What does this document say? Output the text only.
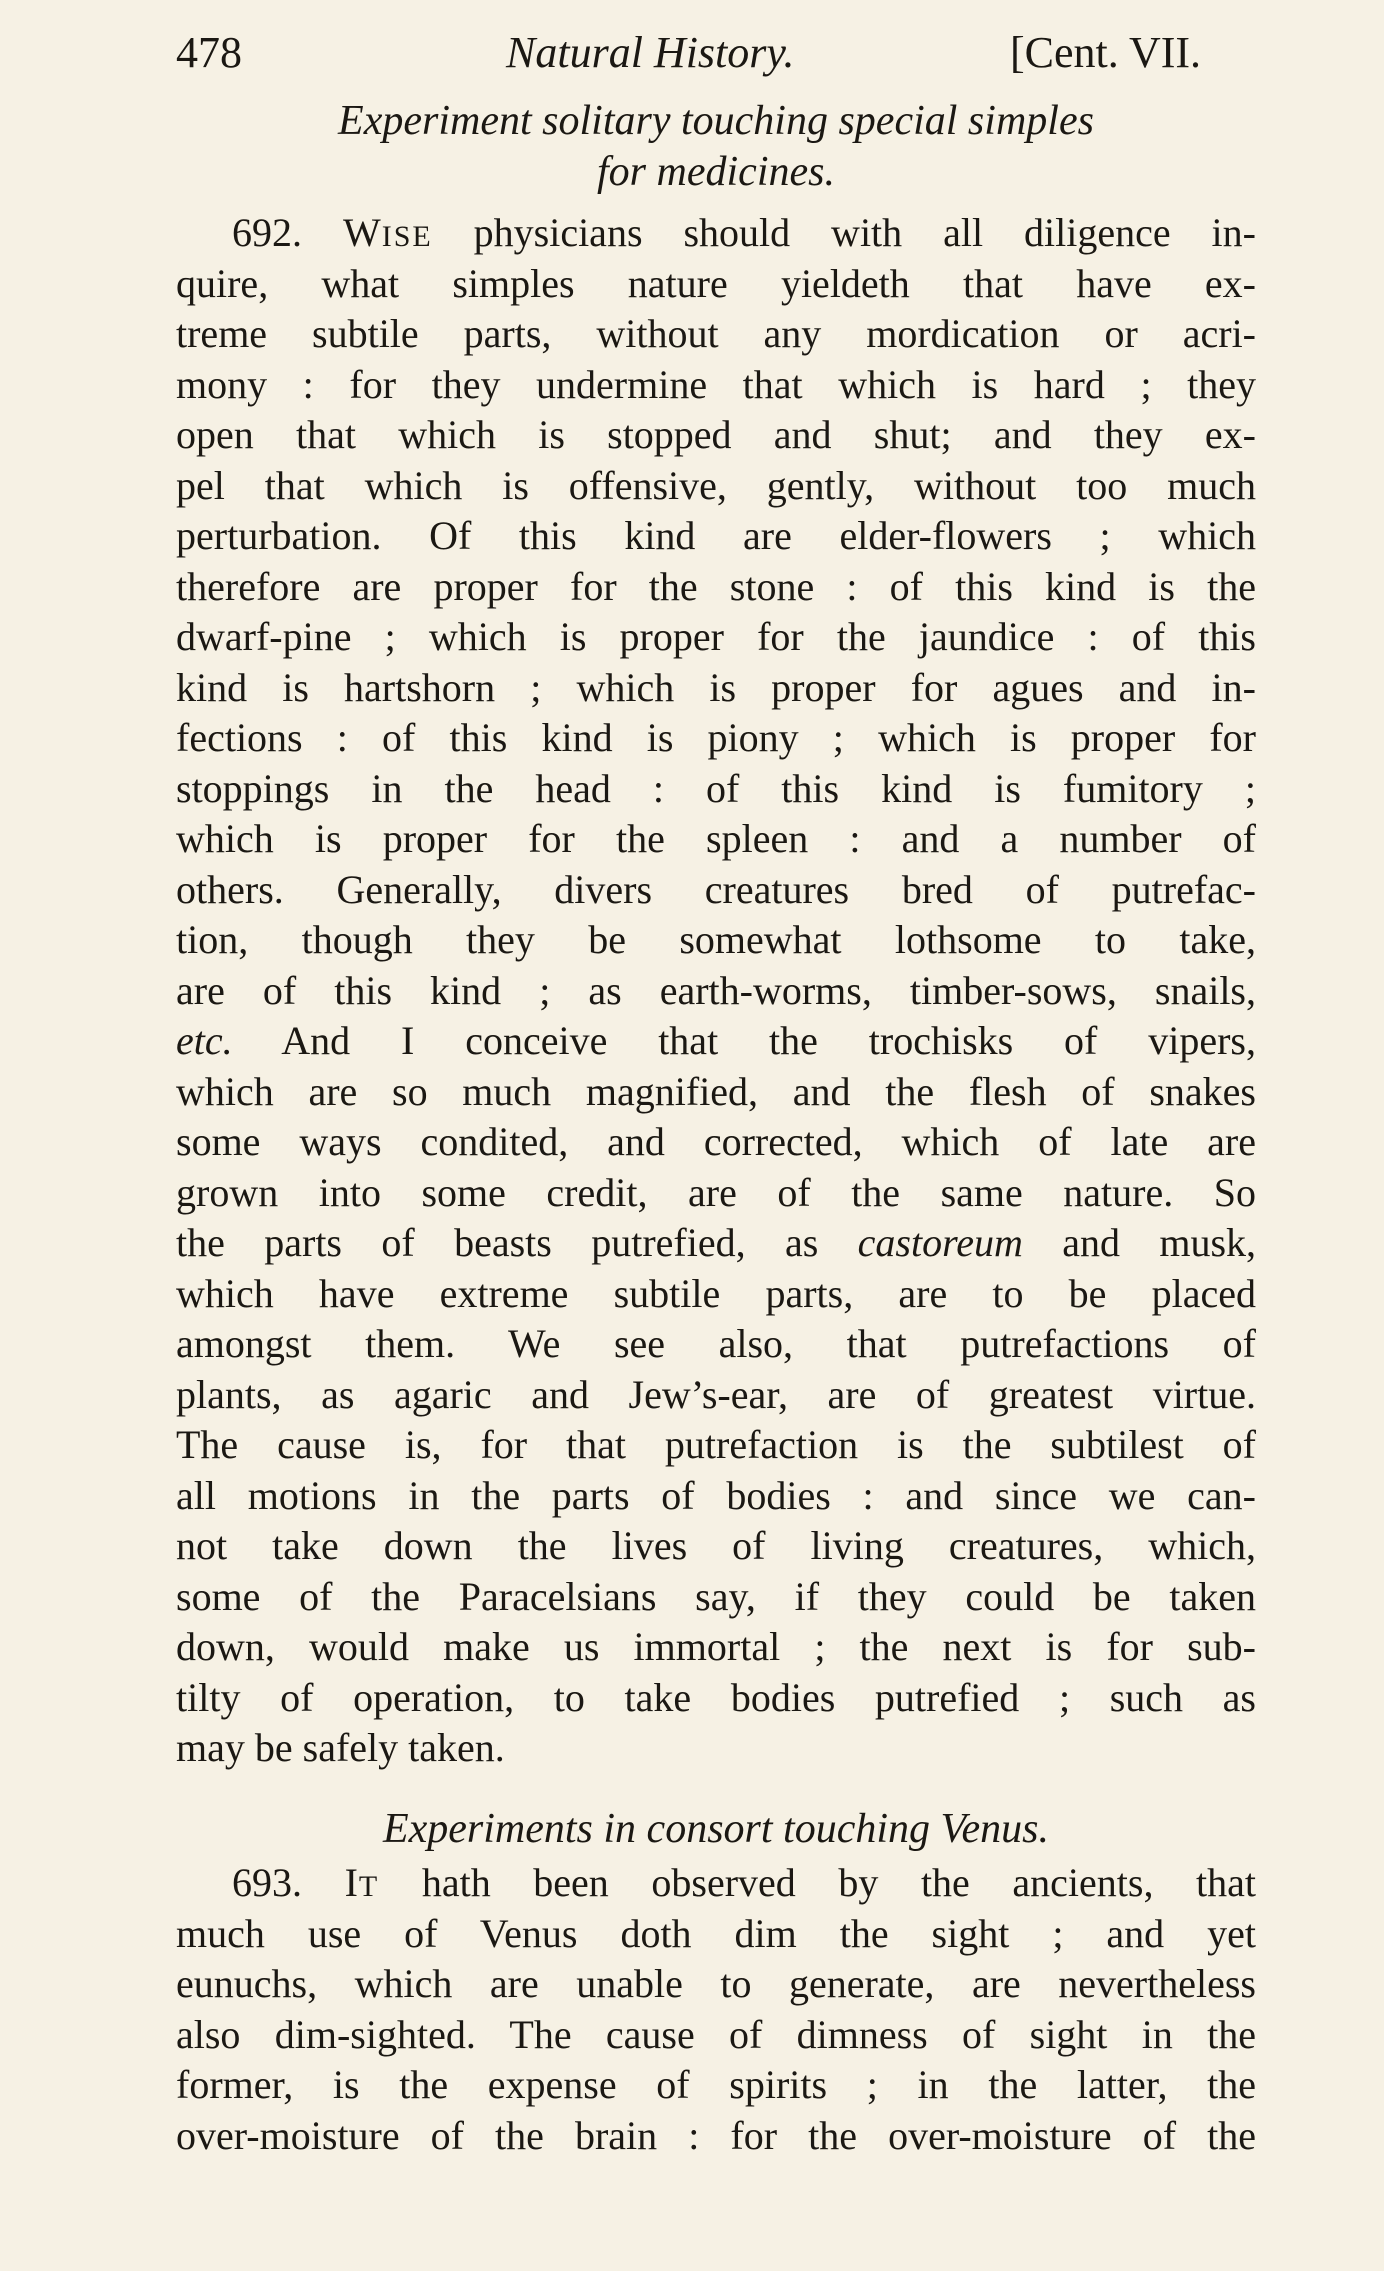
478	Natural History.	[Cent. VII.
Experiment solitary touching special simples
for medicines.
692. WISE physicians should with all diligence in-
quire, what simples nature yieldeth that have ex-
treme subtile parts, without any mordication or acri-
mony : for they undermine that which is hard ; they
open that which is stopped and shut; and they ex-
pel that which is offensive, gently, without too much
perturbation. Of this kind are elder-flowers ; which
therefore are proper for the stone : of this kind is the
dwarf-pine ; which is proper for the jaundice : of this
kind is hartshorn ; which is proper for agues and in-
fections : of this kind is piony ; which is proper for
stoppings in the head : of this kind is fumitory ;
which is proper for the spleen : and a number of
others. Generally, divers creatures bred of putrefac-
tion, though they be somewhat lothsome to take,
are of this kind ; as earth-worms, timber-sows, snails,
etc. And I conceive that the trochisks of vipers,
which are so much magnified, and the flesh of snakes
some ways condited, and corrected, which of late are
grown into some credit, are of the same nature. So
the parts of beasts putrefied, as castoreum and musk,
which have extreme subtile parts, are to be placed
amongst them. We see also, that putrefactions of
plants, as agaric and Jew’s-ear, are of greatest virtue.
The cause is, for that putrefaction is the subtilest of
all motions in the parts of bodies : and since we can-
not take down the lives of living creatures, which,
some of the Paracelsians say, if they could be taken
down, would make us immortal ; the next is for sub-
tilty of operation, to take bodies putrefied ; such as
may be safely taken.
Experiments in consort touching Venus.
693. IT hath been observed by the ancients, that
much use of Venus doth dim the sight ; and yet
eunuchs, which are unable to generate, are nevertheless
also dim-sighted. The cause of dimness of sight in the
former, is the expense of spirits ; in the latter, the
over-moisture of the brain : for the over-moisture of the
